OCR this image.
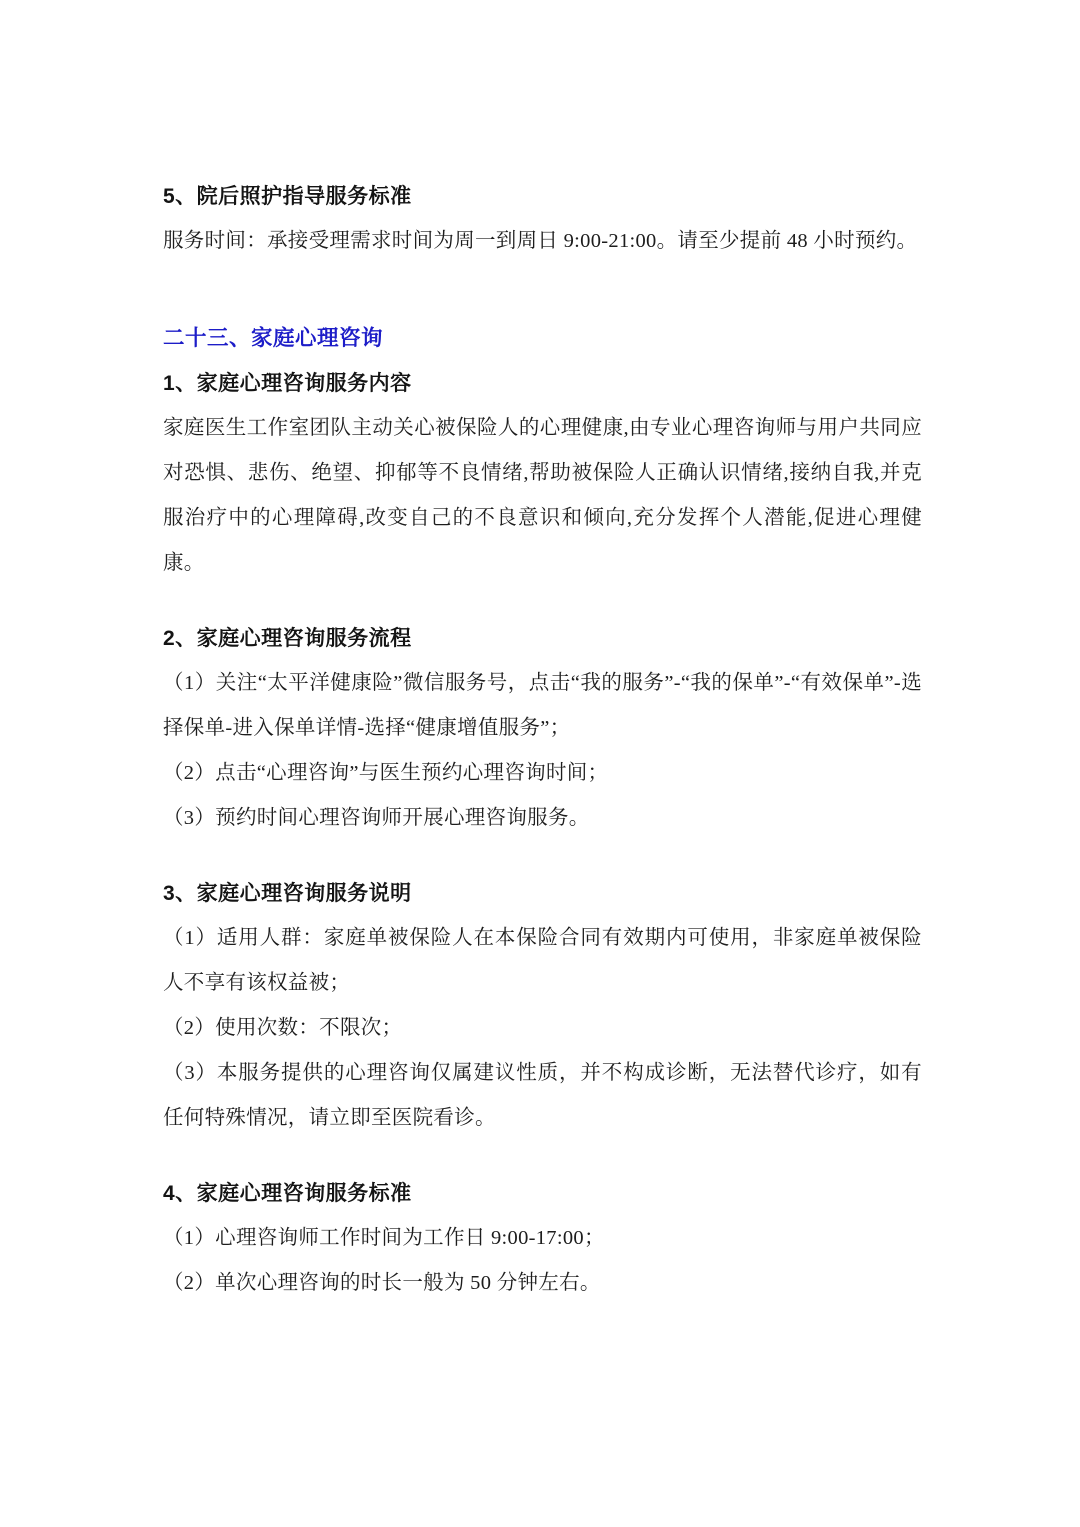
5、院后照护指导服务标准

服务时间：承接受理需求时间为周一到周日 9:00-21:00。请至少提前 48 小时预约。

二十三、家庭心理咨询
1、家庭心理咨询服务内容

家庭医生工作室团队主动关心被保险人的心理健康,由专业心理咨询师与用户共同应对恐惧、悲伤、绝望、抑郁等不良情绪,帮助被保险人正确认识情绪,接纳自我,并克服治疗中的心理障碍,改变自己的不良意识和倾向,充分发挥个人潜能,促进心理健康。

2、家庭心理咨询服务流程

（1）关注“太平洋健康险”微信服务号，点击“我的服务”-“我的保单”-“有效保单”-选择保单-进入保单详情-选择“健康增值服务”；

（2）点击“心理咨询”与医生预约心理咨询时间；

（3）预约时间心理咨询师开展心理咨询服务。

3、家庭心理咨询服务说明

（1）适用人群：家庭单被保险人在本保险合同有效期内可使用，非家庭单被保险人不享有该权益被；

（2）使用次数：不限次；

（3）本服务提供的心理咨询仅属建议性质，并不构成诊断，无法替代诊疗，如有任何特殊情况，请立即至医院看诊。

4、家庭心理咨询服务标准

（1）心理咨询师工作时间为工作日 9:00-17:00；

（2）单次心理咨询的时长一般为 50 分钟左右。
